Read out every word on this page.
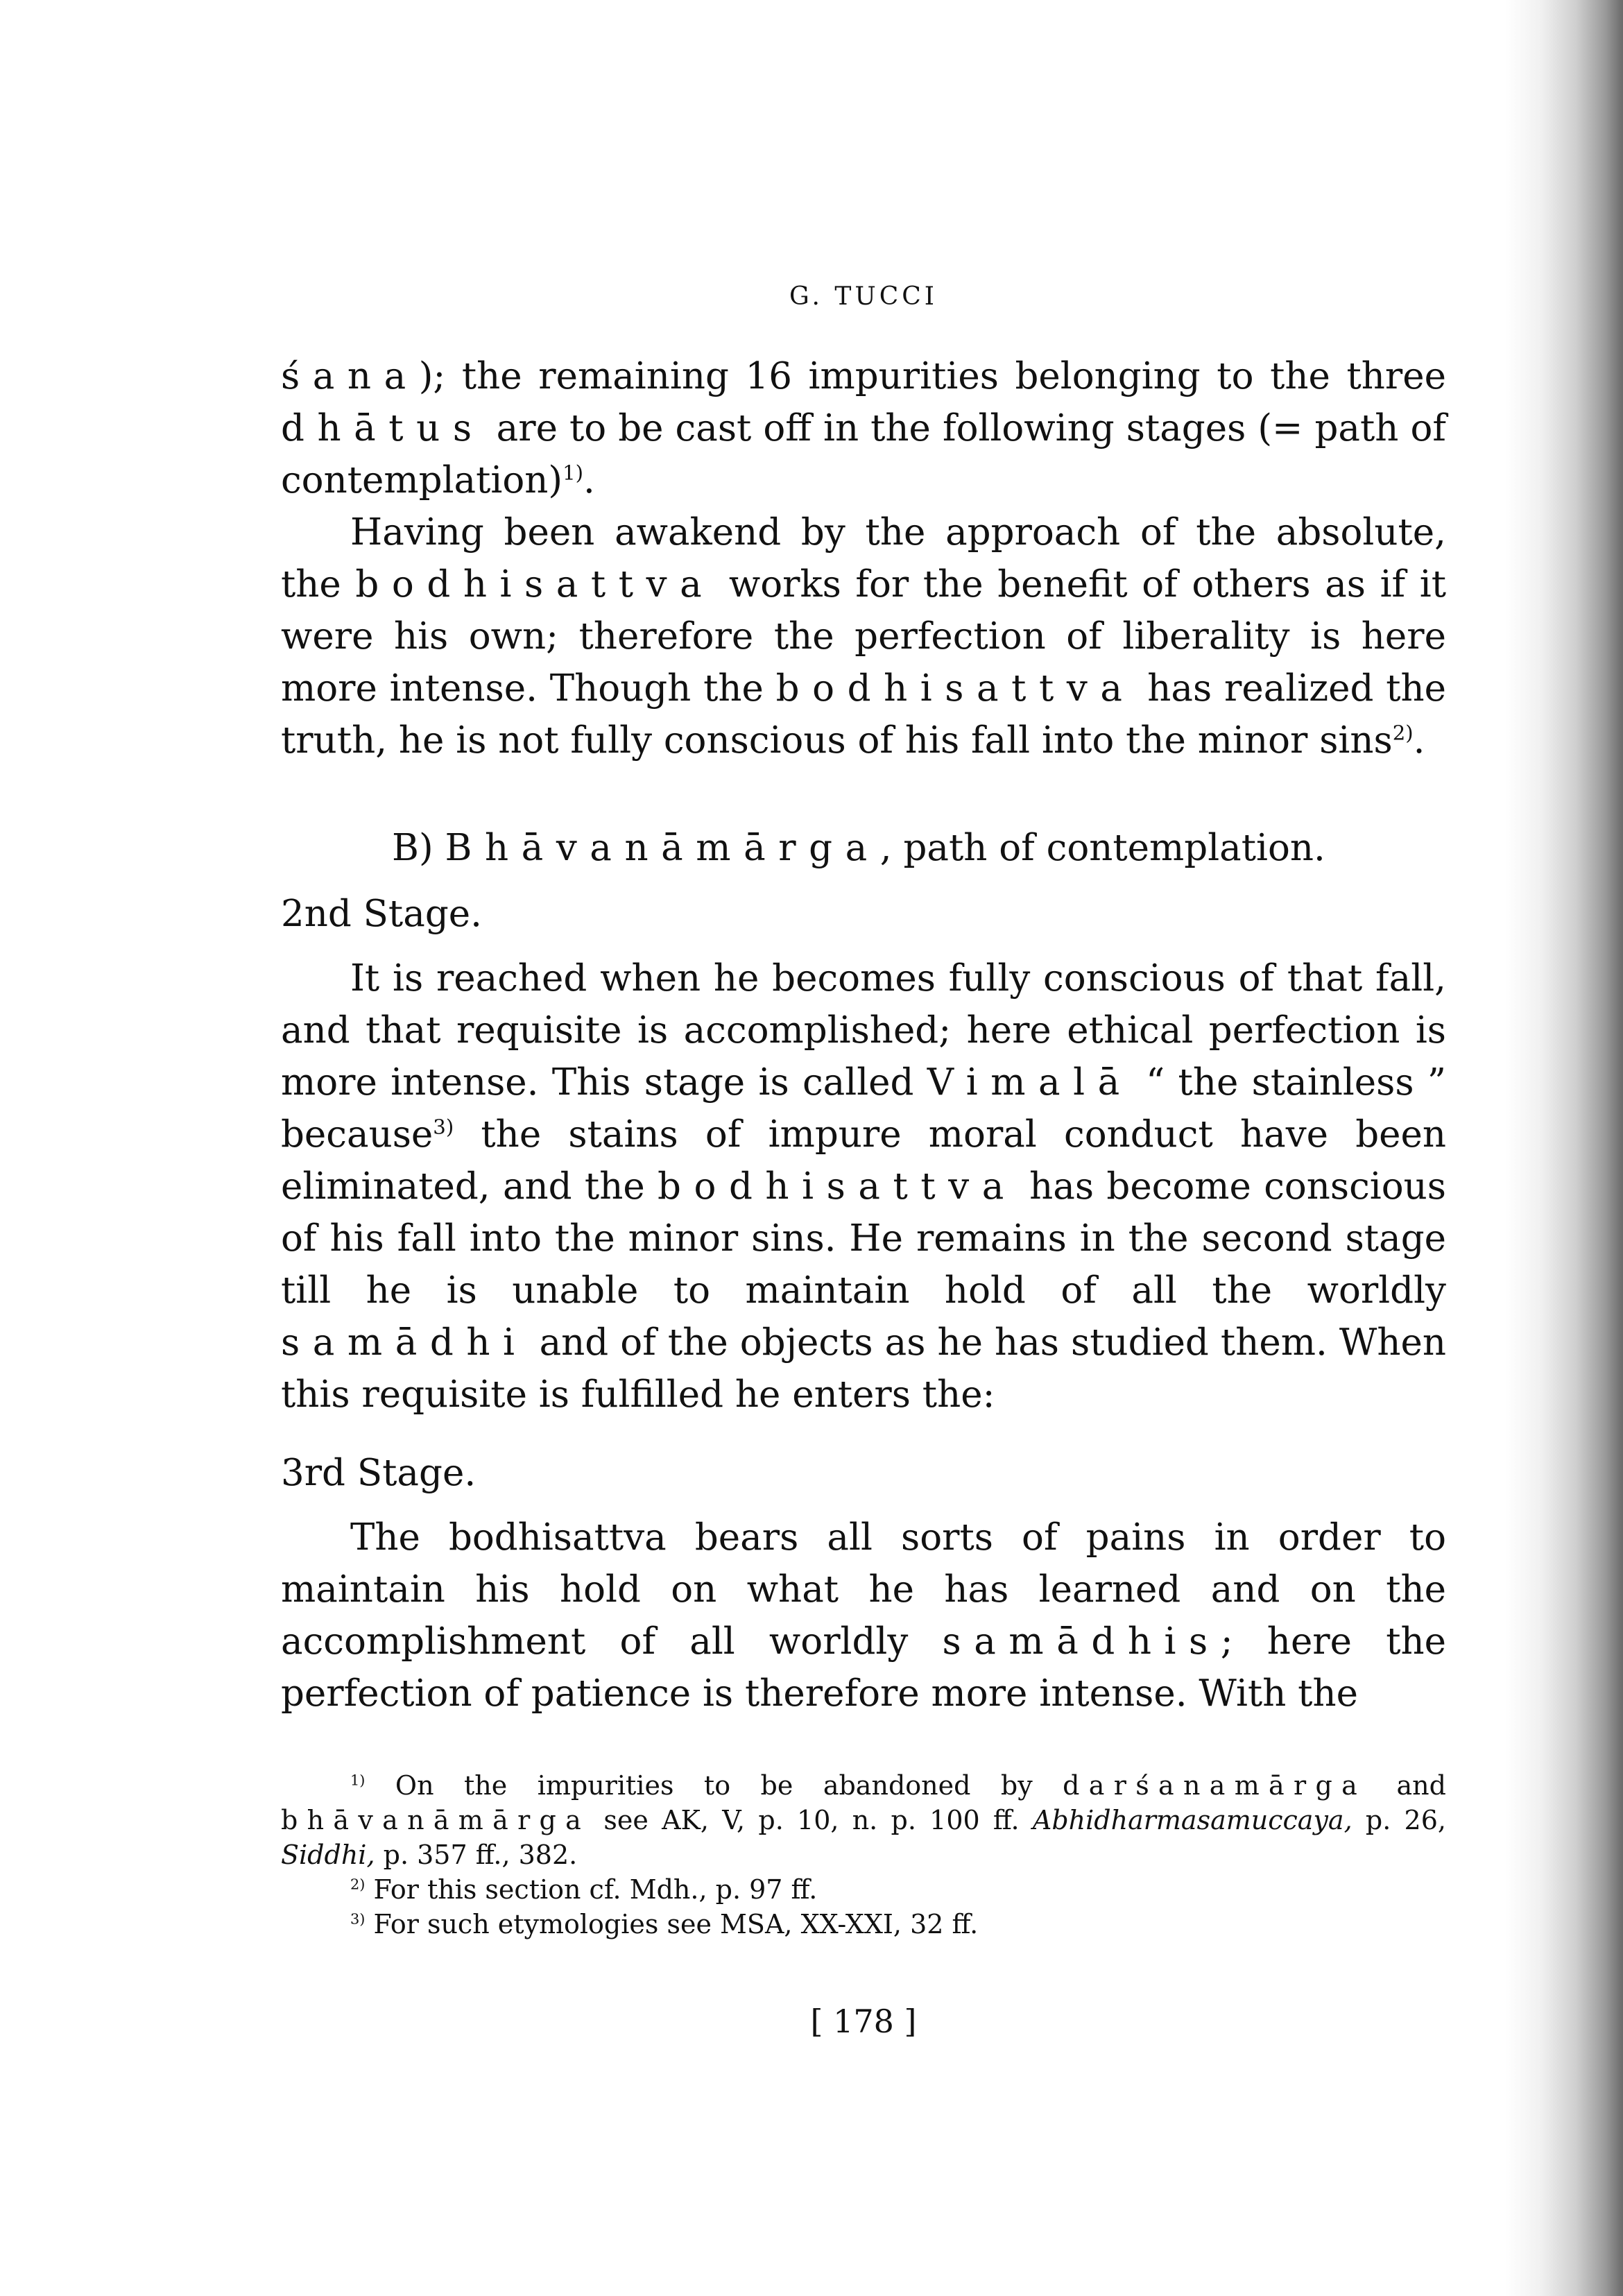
G. TUCCI

śana); the remaining 16 impurities belonging to the three dhātus are to be cast off in the following stages (= path of contemplation)$^{1)}$.

Having been awakend by the approach of the absolute, the bodhisattva works for the benefit of others as if it were his own; therefore the perfection of liberality is here more intense. Though the bodhisattva has realized the truth, he is not fully conscious of his fall into the minor sins$^{2)}$.

B) Bhāvanāmārga, path of contemplation.
2nd Stage.

It is reached when he becomes fully conscious of that fall, and that requisite is accomplished; here ethical perfection is more intense. This stage is called Vimalā “ the stainless ” because$^{3)}$ the stains of impure moral conduct have been eliminated, and the bodhisattva has become conscious of his fall into the minor sins. He remains in the second stage till he is unable to maintain hold of all the worldly samādhi and of the objects as he has studied them. When this requisite is fulfilled he enters the:

3rd Stage.

The bodhisattva bears all sorts of pains in order to maintain his hold on what he has learned and on the accomplishment of all worldly samādhis; here the perfection of patience is therefore more intense. With the

$^{1)}$ On the impurities to be abandoned by darśanamārga and bhāvanāmārga see AK, V, p. 10, n. p. 100 ff. Abhidharmasamuccaya, p. 26, Siddhi, p. 357 ff., 382.

$^{2)}$ For this section cf. Mdh., p. 97 ff.

$^{3)}$ For such etymologies see MSA, XX-XXI, 32 ff.

[ 178 ]
